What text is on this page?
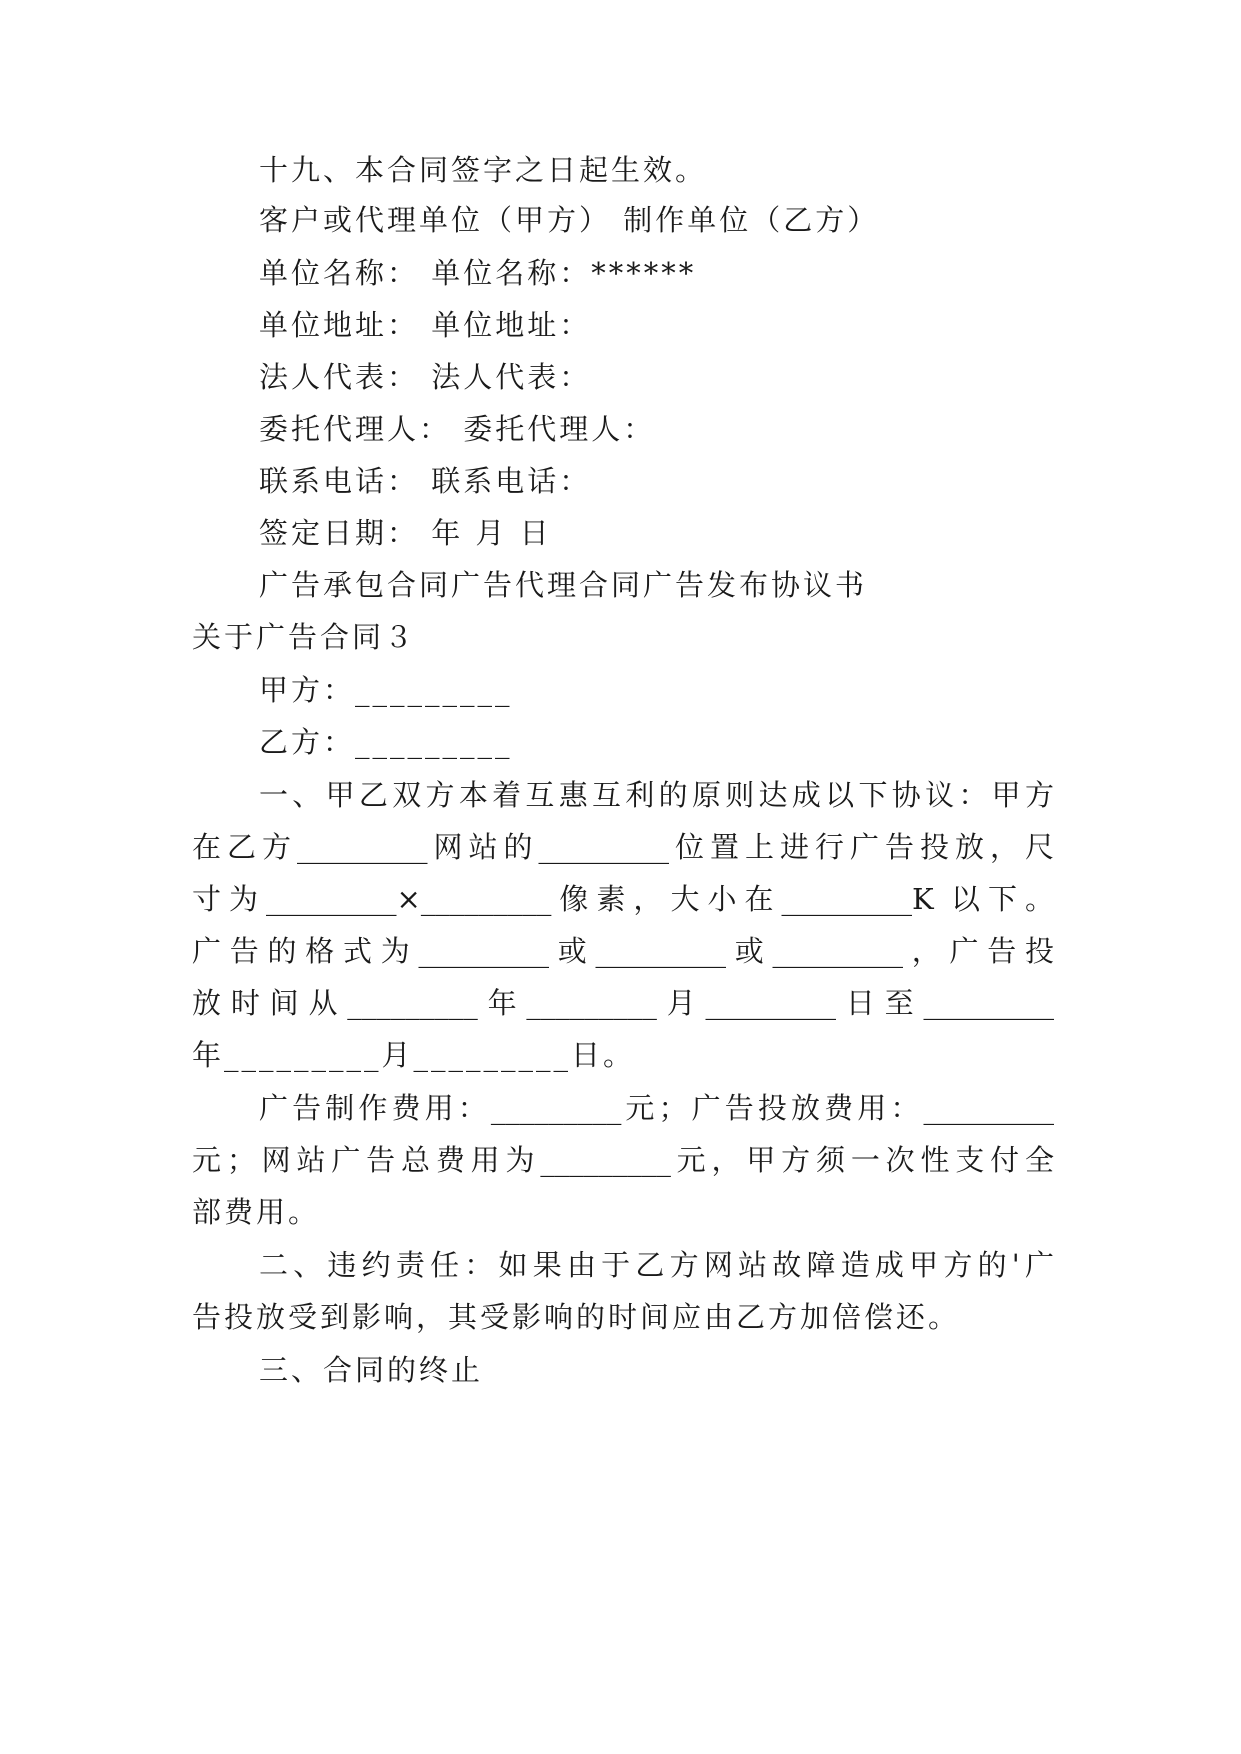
十九、本合同签字之日起生效。
客户或代理单位（甲方） 制作单位（乙方）
单位名称： 单位名称：******
单位地址： 单位地址：
法人代表： 法人代表：
委托代理人： 委托代理人：
联系电话： 联系电话：
签定日期： 年 月 日
广告承包合同广告代理合同广告发布协议书
关于广告合同３
甲方：_________
乙方：_________
一、甲乙双方本着互惠互利的原则达成以下协议：甲方
在乙方_________网站的_________位置上进行广告投放，尺
寸为_________×_________像素，大小在_________K 以下。
广告的格式为_________或_________或_________，广告投
放时间从_________年_________月_________日至_________
年_________月_________日。
广告制作费用：_________元；广告投放费用：_________
元；网站广告总费用为_________元，甲方须一次性支付全
部费用。
二、违约责任：如果由于乙方网站故障造成甲方的'广
告投放受到影响，其受影响的时间应由乙方加倍偿还。
三、合同的终止
